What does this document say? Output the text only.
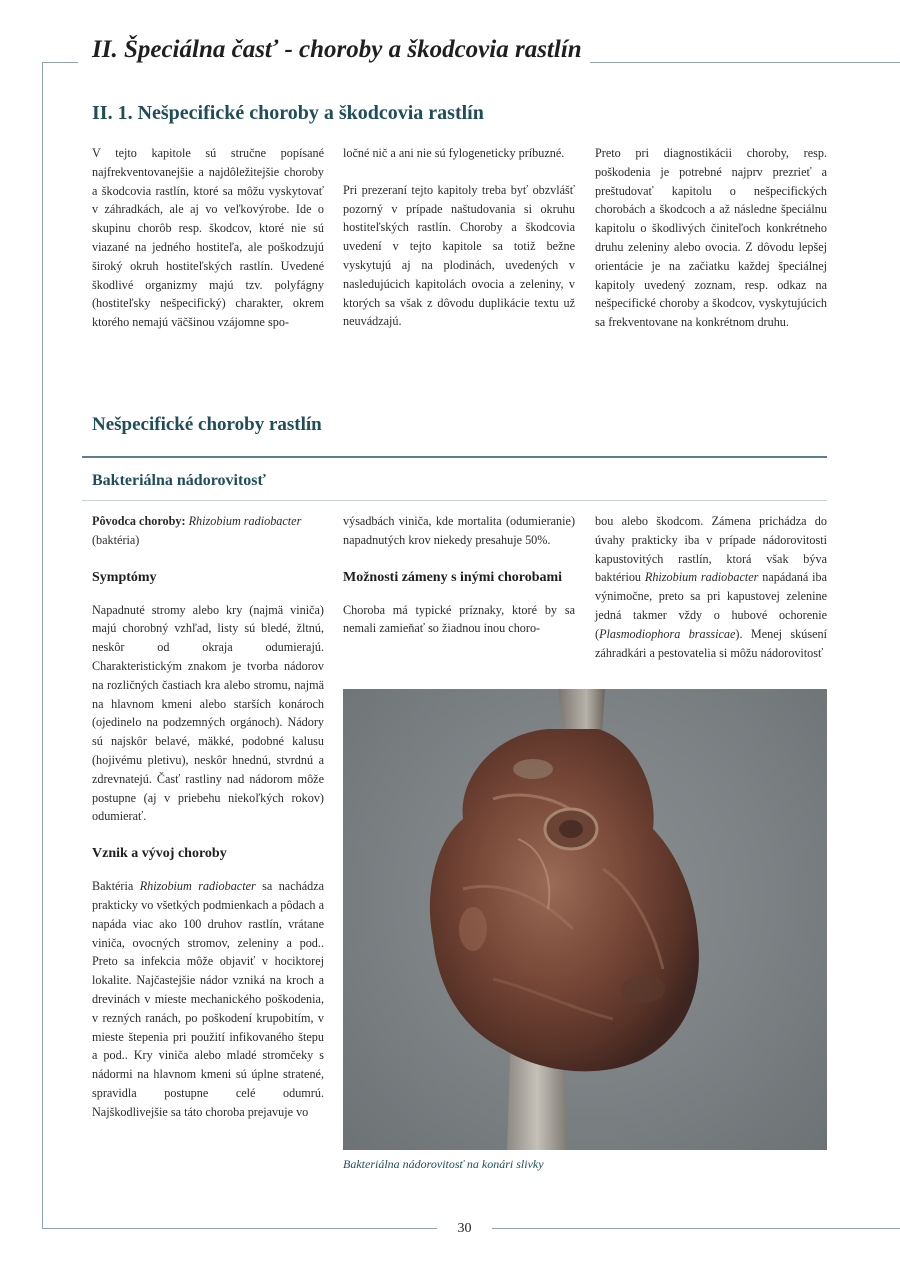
II. Špeciálna časť - choroby a škodcovia rastlín
II. 1. Nešpecifické choroby a škodcovia rastlín

V tejto kapitole sú stručne popísané najfrekventovanejšie a najdôležitejšie choroby a škodcovia rastlín, ktoré sa môžu vyskytovať v záhradkách, ale aj vo veľkovýrobe. Ide o skupinu chorôb resp. škodcov, ktoré nie sú viazané na jedného hostiteľa, ale poškodzujú široký okruh hostiteľských rastlín. Uvedené škodlivé organizmy majú tzv. polyfágny (hostiteľsky nešpecifický) charakter, okrem ktorého nemajú väčšinou vzájomne spo-

ločné nič a ani nie sú fylogeneticky príbuzné.

Pri prezeraní tejto kapitoly treba byť obzvlášť pozorný v prípade naštudovania si okruhu hostiteľských rastlín. Choroby a škodcovia uvedení v tejto kapitole sa totiž bežne vyskytujú aj na plodinách, uvedených v nasledujúcich kapitolách ovocia a zeleniny, v ktorých sa však z dôvodu duplikácie textu už neuvádzajú.

Preto pri diagnostikácii choroby, resp. poškodenia je potrebné najprv prezrieť a preštudovať kapitolu o nešpecifických chorobách a škodcoch a až následne špeciálnu kapitolu o škodlivých činiteľoch konkrétneho druhu zeleniny alebo ovocia. Z dôvodu lepšej orientácie je na začiatku každej špeciálnej kapitoly uvedený zoznam, resp. odkaz na nešpecifické choroby a škodcov, vyskytujúcich sa frekventovane na konkrétnom druhu.

Nešpecifické choroby rastlín
Bakteriálna nádorovitosť

Pôvodca choroby: Rhizobium radiobacter (baktéria)

Symptómy

Napadnuté stromy alebo kry (najmä viniča) majú chorobný vzhľad, listy sú bledé, žltnú, neskôr od okraja odumierajú. Charakteristickým znakom je tvorba nádorov na rozličných častiach kra alebo stromu, najmä na hlavnom kmeni alebo starších konároch (ojedinelo na podzemných orgánoch). Nádory sú najskôr belavé, mäkké, podobné kalusu (hojivému pletivu), neskôr hnednú, stvrdnú a zdrevnatejú. Časť rastliny nad nádorom môže postupne (aj v priebehu niekoľkých rokov) odumierať.

Vznik a vývoj choroby

Baktéria Rhizobium radiobacter sa nachádza prakticky vo všetkých podmienkach a pôdach a napáda viac ako 100 druhov rastlín, vrátane viniča, ovocných stromov, zeleniny a pod.. Preto sa infekcia môže objaviť v hociktorej lokalite. Najčastejšie nádor vzniká na kroch a drevinách v mieste mechanického poškodenia, v rezných ranách, po poškodení krupobitím, v mieste štepenia pri použití infikovaného štepu a pod.. Kry viniča alebo mladé stromčeky s nádormi na hlavnom kmeni sú úplne stratené, spravidla postupne celé odumrú. Najškodlivejšie sa táto choroba prejavuje vo

výsadbách viniča, kde mortalita (odumieranie) napadnutých krov niekedy presahuje 50%.

Možnosti zámeny s inými chorobami

Choroba má typické príznaky, ktoré by sa nemali zamieňať so žiadnou inou choro-

bou alebo škodcom. Zámena prichádza do úvahy prakticky iba v prípade nádorovitosti kapustovitých rastlín, ktorá však býva baktériou Rhizobium radiobacter napádaná iba výnimočne, preto sa pri kapustovej zelenine jedná takmer vždy o hubové ochorenie (Plasmodiophora brassicae). Menej skúsení záhradkári a pestovatelia si môžu nádorovitosť

Bakteriálna nádorovitosť na konári slivky
30
